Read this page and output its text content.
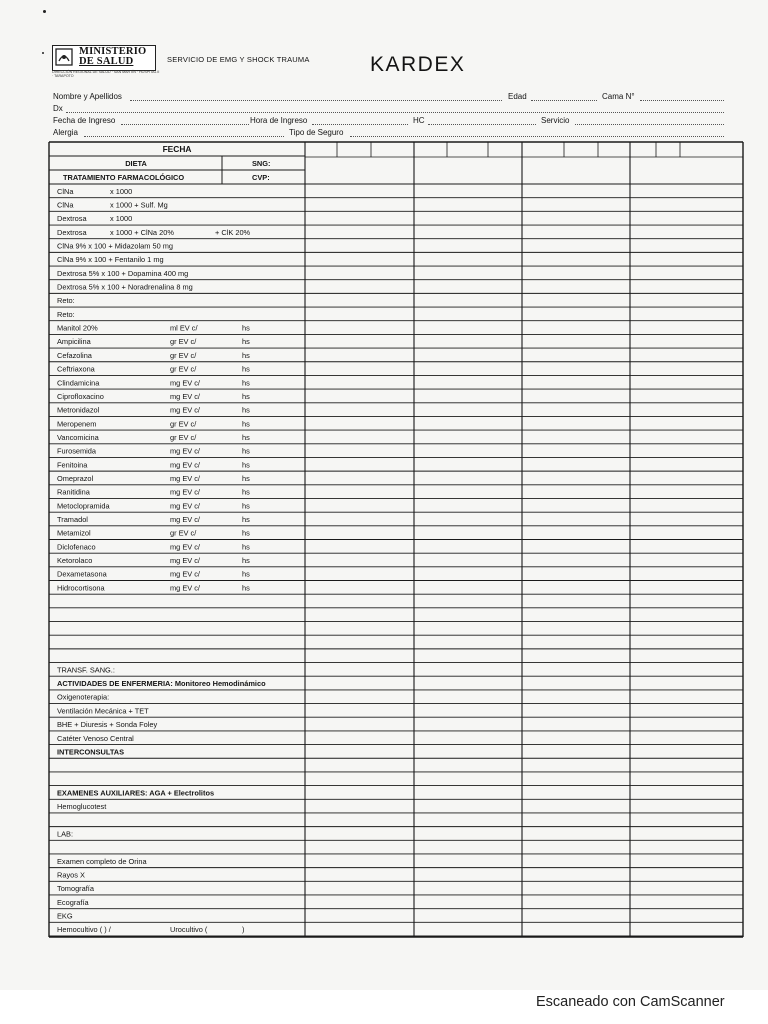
MINISTERIO
DE SALUD
DIRECCIÓN REGIONAL DE SALUD · SAN MARTÍN · HOSPITAL II · TARAPOTO
SERVICIO DE EMG Y SHOCK TRAUMA	KARDEX
Nombre y Apellidos	Edad	Cama N°
Dx
Fecha de Ingreso	Hora de Ingreso	HC	Servicio
Alergia	Tipo de Seguro
FECHA
DIETA	SNG:
TRATAMIENTO FARMACOLÓGICO	CVP:
ClNa	x 1000
ClNa	x 1000 + Sulf. Mg
Dextrosa	x 1000
Dextrosa	x 1000 + ClNa 20%	+ ClK 20%
ClNa 9% x 100 + Midazolam 50 mg
ClNa 9% x 100 + Fentanilo 1 mg
Dextrosa 5% x 100 + Dopamina 400 mg
Dextrosa 5% x 100 + Noradrenalina 8 mg
Reto:
Reto:
Manitol 20%	ml EV c/	hs
Ampicilina	gr EV c/	hs
Cefazolina	gr EV c/	hs
Ceftriaxona	gr EV c/	hs
Clindamicina	mg EV c/	hs
Ciprofloxacino	mg EV c/	hs
Metronidazol	mg EV c/	hs
Meropenem	gr EV c/	hs
Vancomicina	gr EV c/	hs
Furosemida	mg EV c/	hs
Fenitoina	mg EV c/	hs
Omeprazol	mg EV c/	hs
Ranitidina	mg EV c/	hs
Metoclopramida	mg EV c/	hs
Tramadol	mg EV c/	hs
Metamizol	gr EV c/	hs
Diclofenaco	mg EV c/	hs
Ketorolaco	mg EV c/	hs
Dexametasona	mg EV c/	hs
Hidrocortisona	mg EV c/	hs
TRANSF. SANG.:
ACTIVIDADES DE ENFERMERIA: Monitoreo Hemodinámico
Oxigenoterapia:
Ventilación Mecánica + TET
BHE + Diuresis + Sonda Foley
Catéter Venoso Central
INTERCONSULTAS
EXAMENES AUXILIARES: AGA + Electrolitos
Hemoglucotest
LAB:
Examen completo de Orina
Rayos X
Tomografía
Ecografía
EKG
Hemocultivo ( ) /	Urocultivo (	)
Escaneado con CamScanner
